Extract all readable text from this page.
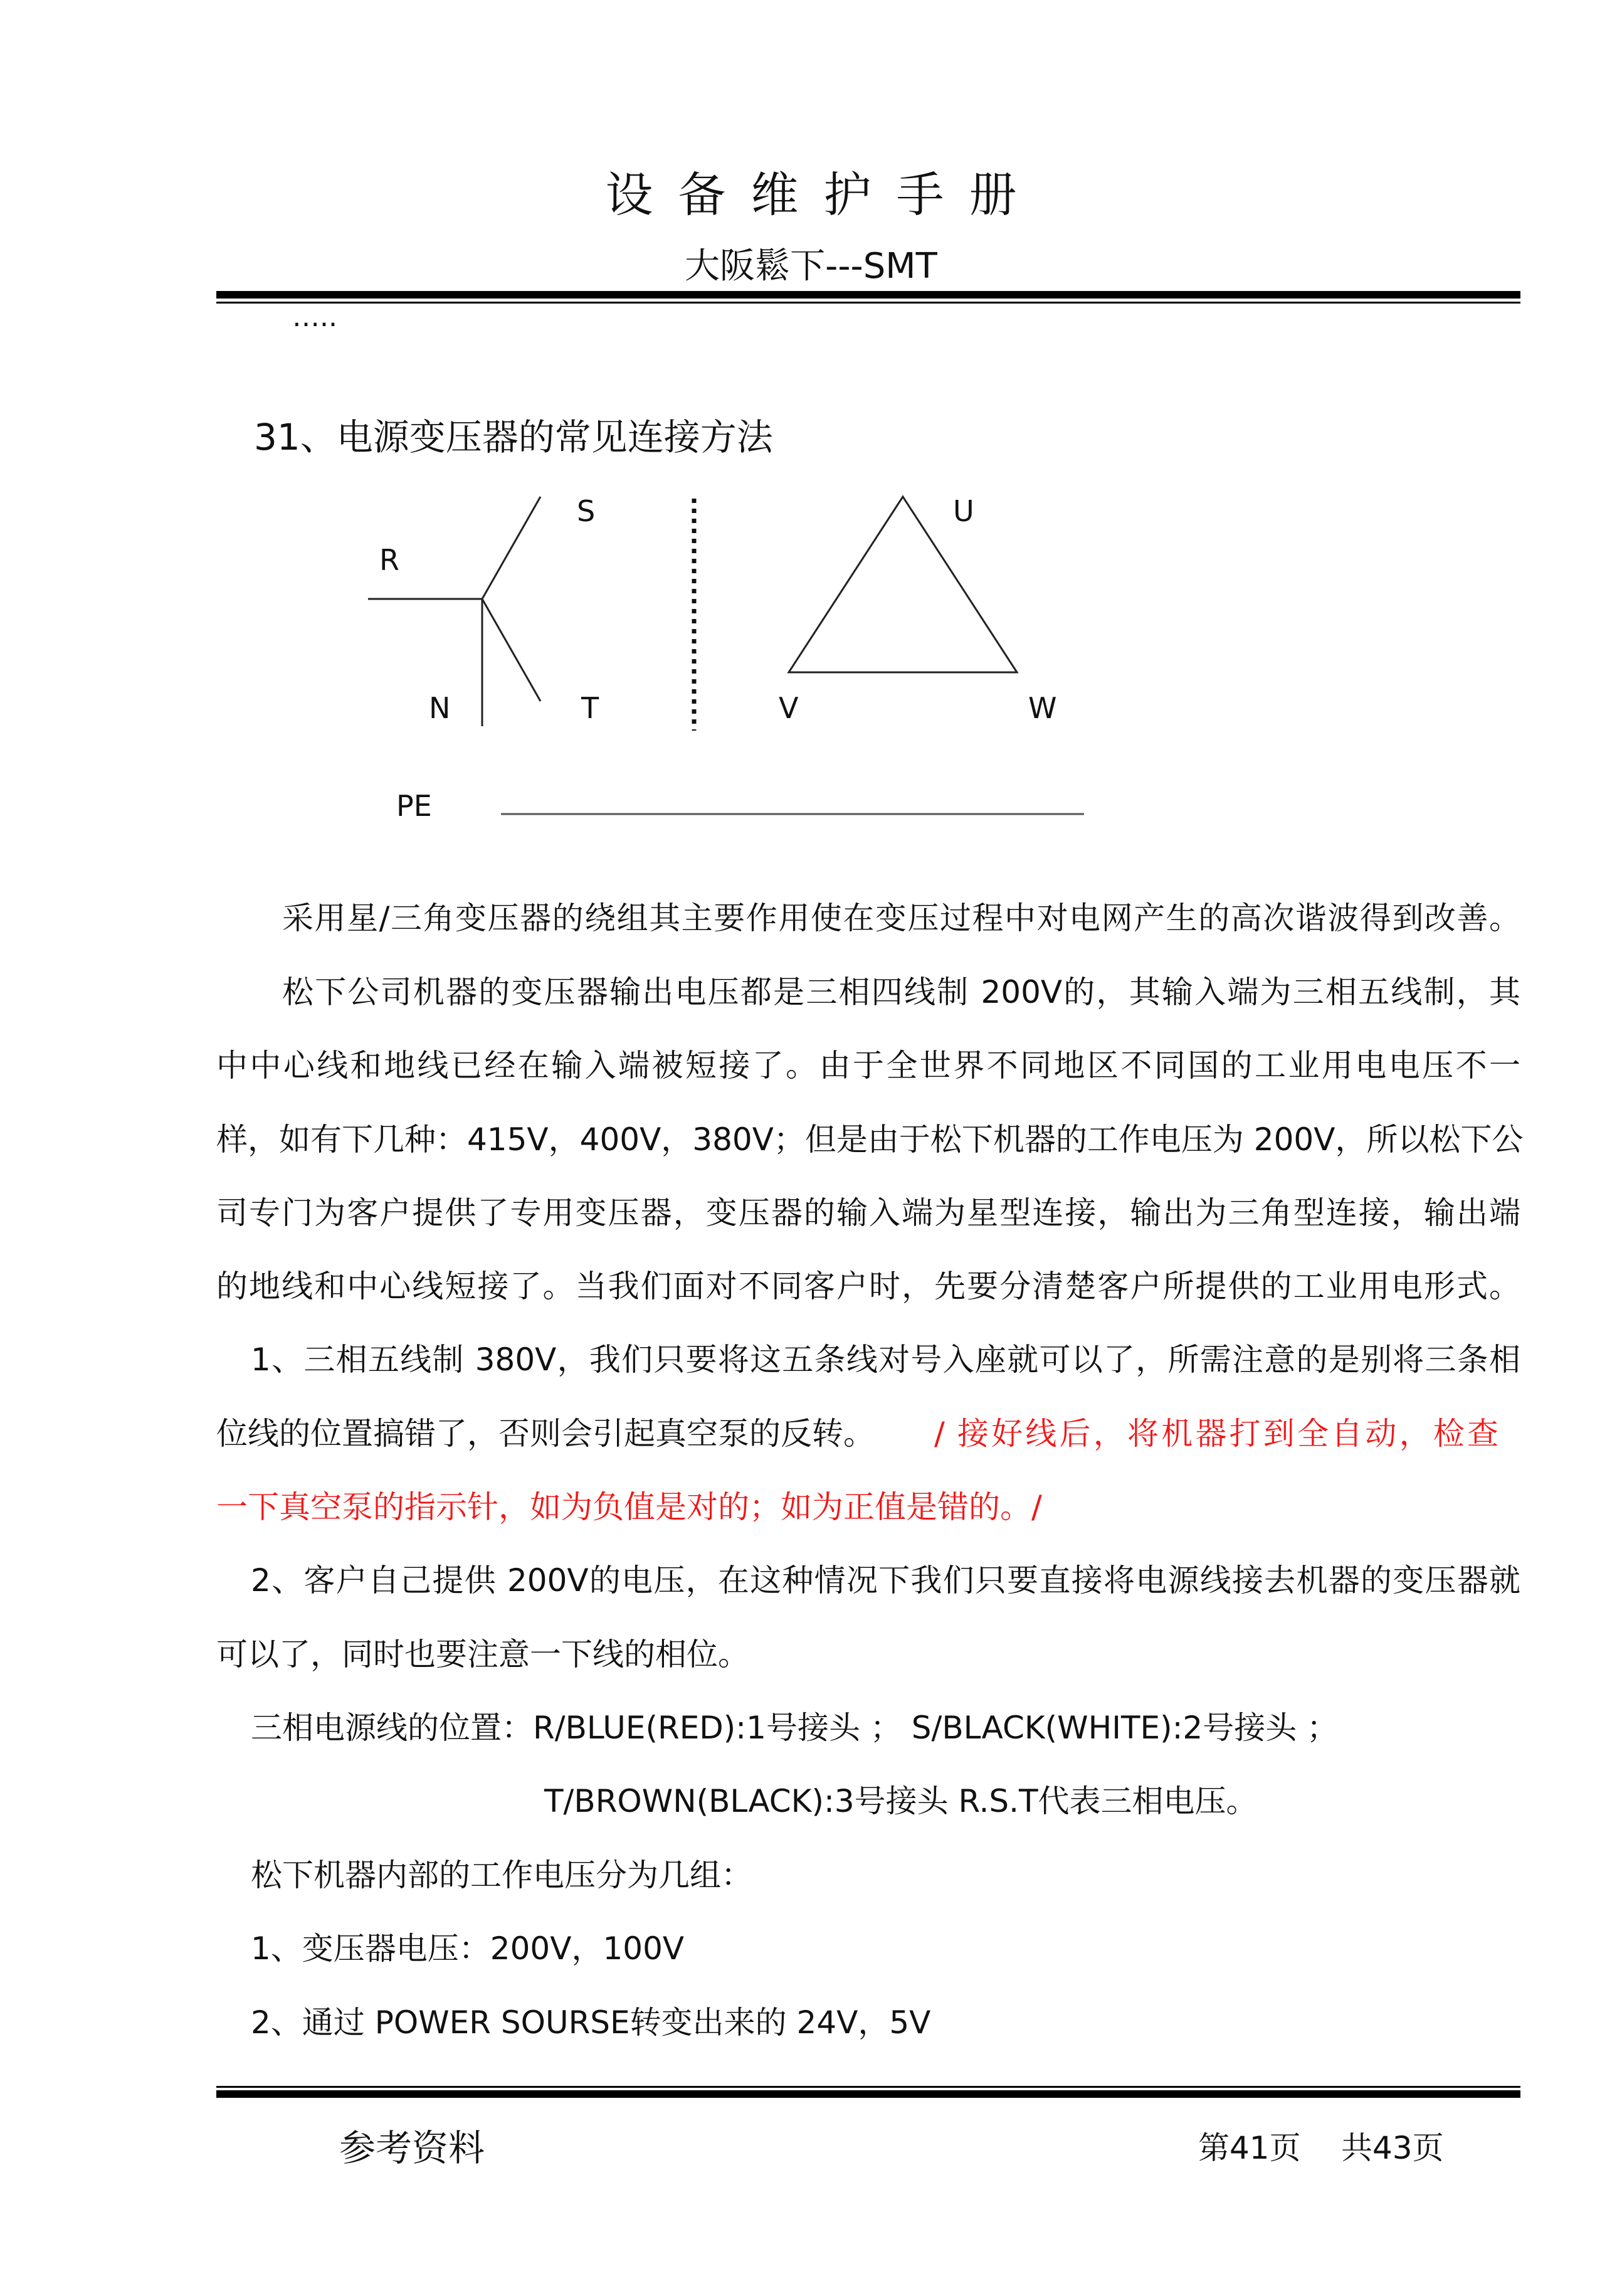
设备维护手册
大阪鬆下---SMT
…..
31、电源变压器的常见连接方法
R
S
N	T
U
V	W
PE
采用星/三角变压器的绕组其主要作用使在变压过程中对电网产生的高次谐波得到改善。
松下公司机器的变压器输出电压都是三相四线制 200V的，其输入端为三相五线制，其
中中心线和地线已经在输入端被短接了。由于全世界不同地区不同国的工业用电电压不一
样，如有下几种：415V，400V，380V；但是由于松下机器的工作电压为 200V，所以松下公
司专门为客户提供了专用变压器，变压器的输入端为星型连接，输出为三角型连接，输出端
的地线和中心线短接了。当我们面对不同客户时，先要分清楚客户所提供的工业用电形式。
1、三相五线制 380V，我们只要将这五条线对号入座就可以了，所需注意的是别将三条相
位线的位置搞错了，否则会引起真空泵的反转。	/ 接好线后，将机器打到全自动，检查
一下真空泵的指示针，如为负值是对的；如为正值是错的。/
2、客户自己提供 200V的电压，在这种情况下我们只要直接将电源线接去机器的变压器就
可以了，同时也要注意一下线的相位。
三相电源线的位置：R/BLUE(RED):1号接头 ； S/BLACK(WHITE):2号接头 ；
T/BROWN(BLACK):3号接头 R.S.T代表三相电压。
松下机器内部的工作电压分为几组：
1、变压器电压：200V，100V
2、通过 POWER SOURSE转变出来的 24V，5V
参考资料	第41页 共43页
